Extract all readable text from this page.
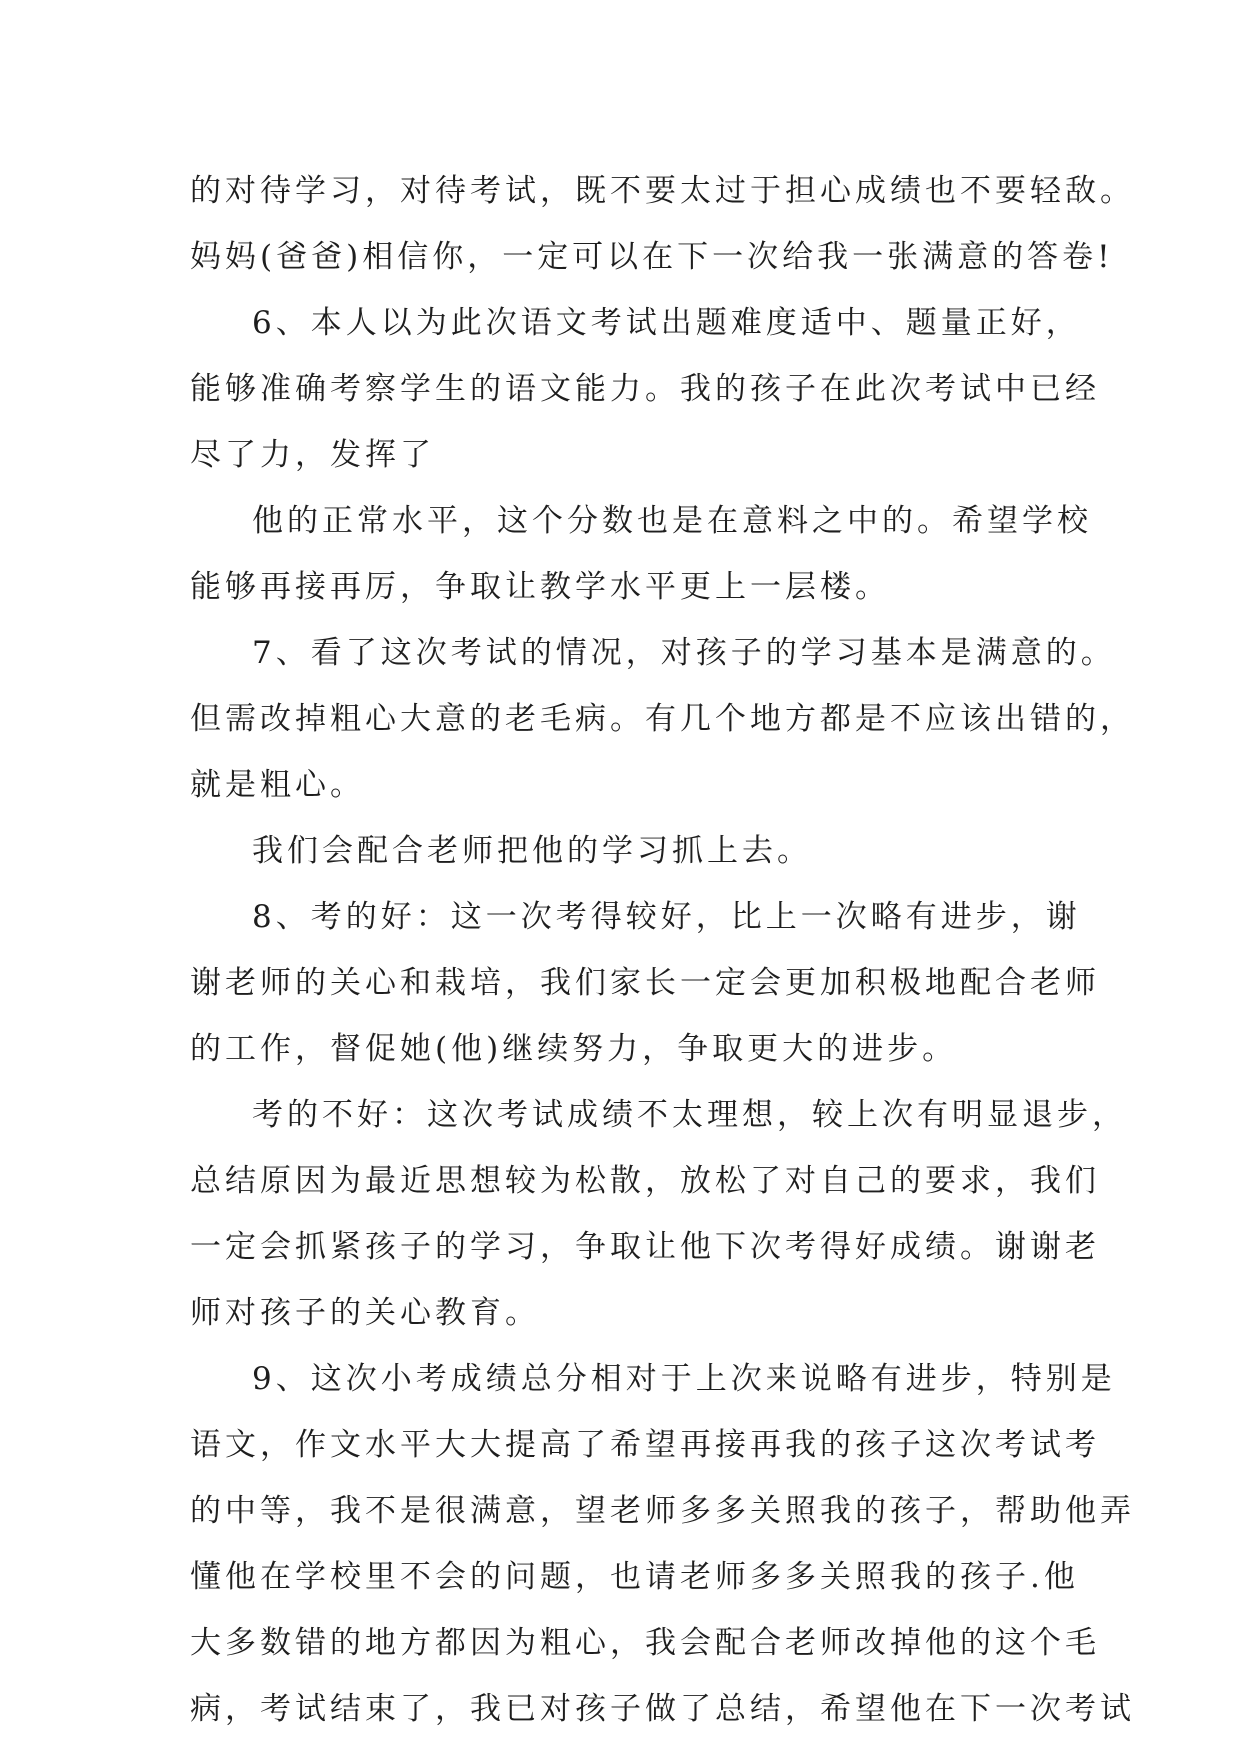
的对待学习，对待考试，既不要太过于担心成绩也不要轻敌。
妈妈(爸爸)相信你，一定可以在下一次给我一张满意的答卷!
6、本人以为此次语文考试出题难度适中、题量正好，
能够准确考察学生的语文能力。我的孩子在此次考试中已经
尽了力，发挥了
他的正常水平，这个分数也是在意料之中的。希望学校
能够再接再厉，争取让教学水平更上一层楼。
7、看了这次考试的情况，对孩子的学习基本是满意的。
但需改掉粗心大意的老毛病。有几个地方都是不应该出错的，
就是粗心。
我们会配合老师把他的学习抓上去。
8、考的好：这一次考得较好，比上一次略有进步，谢
谢老师的关心和栽培，我们家长一定会更加积极地配合老师
的工作，督促她(他)继续努力，争取更大的进步。
考的不好：这次考试成绩不太理想，较上次有明显退步，
总结原因为最近思想较为松散，放松了对自己的要求，我们
一定会抓紧孩子的学习，争取让他下次考得好成绩。谢谢老
师对孩子的关心教育。
9、这次小考成绩总分相对于上次来说略有进步，特别是
语文，作文水平大大提高了希望再接再我的孩子这次考试考
的中等，我不是很满意，望老师多多关照我的孩子，帮助他弄
懂他在学校里不会的问题，也请老师多多关照我的孩子.他
大多数错的地方都因为粗心，我会配合老师改掉他的这个毛
病，考试结束了，我已对孩子做了总结，希望他在下一次考试
